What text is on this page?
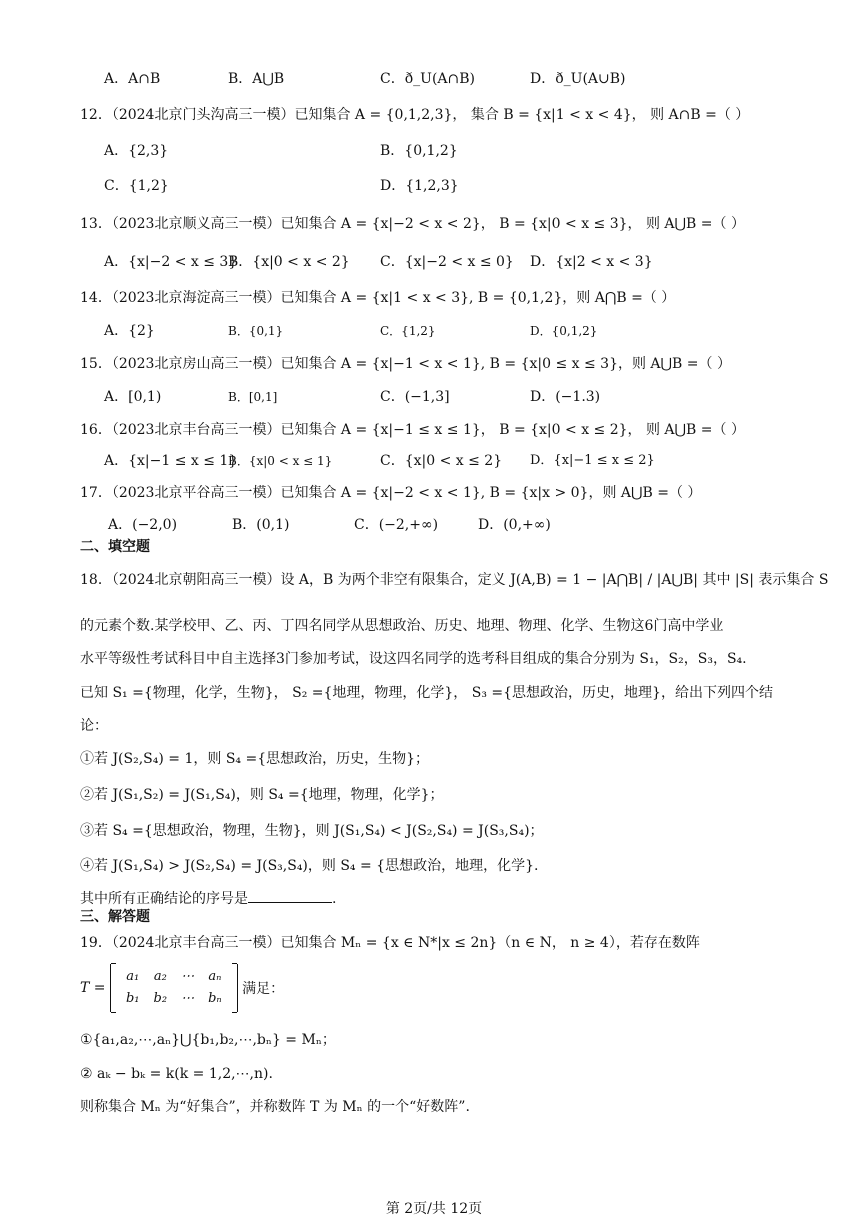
A．A∩B	B．A⋃B	C．ð_U(A∩B)	D．ð_U(A∪B)
12．（2024北京门头沟高三一模）已知集合 A = {0,1,2,3}， 集合 B = {x|1 < x < 4}， 则 A∩B =（ ）
A．{2,3}	B．{0,1,2}
C．{1,2}	D．{1,2,3}
13．（2023北京顺义高三一模）已知集合 A = {x|−2 < x < 2}， B = {x|0 < x ≤ 3}， 则 A⋃B =（ ）
A．{x|−2 < x ≤ 3}
B．{x|0 < x < 2} C．{x|−2 < x ≤ 0} D．{x|2 < x < 3}
14．（2023北京海淀高三一模）已知集合 A = {x|1 < x < 3}, B = {0,1,2}，则 A⋂B =（ ）
A．{2}	B．{0,1}	C．{1,2}	D．{0,1,2}
15．（2023北京房山高三一模）已知集合 A = {x|−1 < x < 1}, B = {x|0 ≤ x ≤ 3}，则 A⋃B =（ ）
A．[0,1)	B．[0,1]	C．(−1,3]	D．(−1.3)
16．（2023北京丰台高三一模）已知集合 A = {x|−1 ≤ x ≤ 1}， B = {x|0 < x ≤ 2}， 则 A⋃B =（ ）
A．{x|−1 ≤ x ≤ 1}
B．{x|0 < x ≤ 1}	C．{x|0 < x ≤ 2} D．{x|−1 ≤ x ≤ 2}
17．（2023北京平谷高三一模）已知集合 A = {x|−2 < x < 1}, B = {x|x > 0}，则 A⋃B =（ ）
A．(−2,0)	B．(0,1)	C．(−2,+∞)	D．(0,+∞)
二、填空题
18．（2024北京朝阳高三一模）设 A，B 为两个非空有限集合，定义 J(A,B) = 1 − |A⋂B| / |A⋃B| 其中 |S| 表示集合 S
的元素个数.某学校甲、乙、丙、丁四名同学从思想政治、历史、地理、物理、化学、生物这6门高中学业
水平等级性考试科目中自主选择3门参加考试，设这四名同学的选考科目组成的集合分别为 S₁，S₂，S₃，S₄.
已知 S₁ ={物理，化学，生物}， S₂ ={地理，物理，化学}， S₃ ={思想政治，历史，地理}，给出下列四个结
论：
①若 J(S₂,S₄) = 1，则 S₄ ={思想政治，历史，生物}；
②若 J(S₁,S₂) = J(S₁,S₄)，则 S₄ ={地理，物理，化学}；
③若 S₄ ={思想政治，物理，生物}，则 J(S₁,S₄) < J(S₂,S₄) = J(S₃,S₄)；
④若 J(S₁,S₄) > J(S₂,S₄) = J(S₃,S₄)，则 S₄ = {思想政治，地理，化学}.
其中所有正确结论的序号是	.
三、解答题
19．（2024北京丰台高三一模）已知集合 Mₙ = {x ∈ N*|x ≤ 2n}（n ∈ N， n ≥ 4），若存在数阵
T =
a₁	a₂	⋯	aₙ
b₁	b₂	⋯	bₙ
满足：
①{a₁,a₂,⋯,aₙ}⋃{b₁,b₂,⋯,bₙ} = Mₙ；
② aₖ − bₖ = k(k = 1,2,⋯,n).
则称集合 Mₙ 为“好集合”，并称数阵 T 为 Mₙ 的一个“好数阵”.
第 2页/共 12页
